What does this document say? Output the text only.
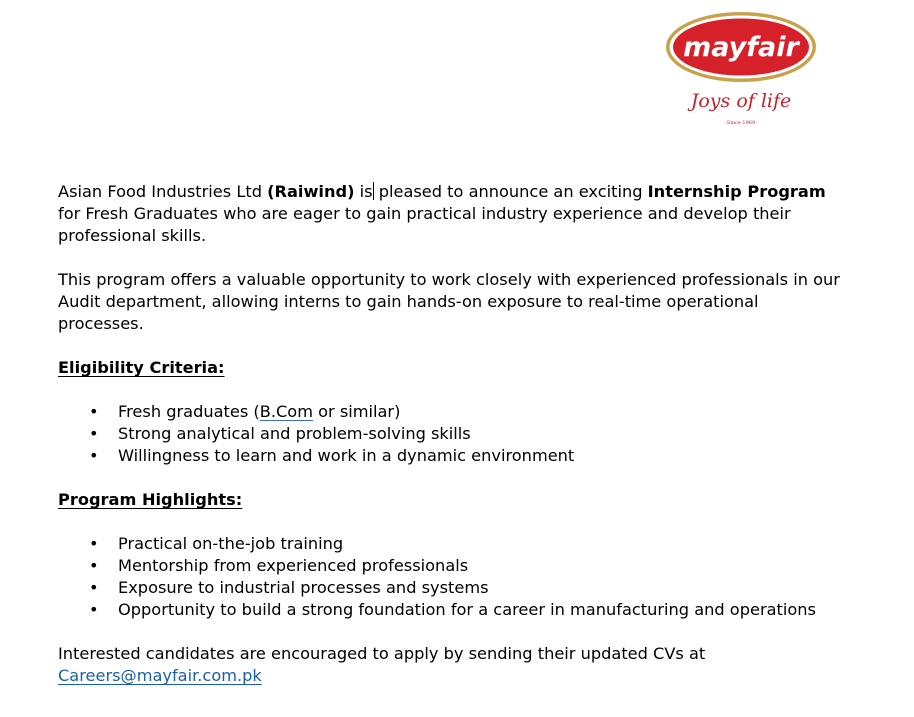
mayfair
Joys of life
Since 1969

Asian Food Industries Ltd (Raiwind) is pleased to announce an exciting Internship Program
for Fresh Graduates who are eager to gain practical industry experience and develop their
professional skills.

This program offers a valuable opportunity to work closely with experienced professionals in our
Audit department, allowing interns to gain hands-on exposure to real-time operational
processes.

Eligibility Criteria:

• Fresh graduates (B.Com or similar)
• Strong analytical and problem-solving skills
• Willingness to learn and work in a dynamic environment

Program Highlights:

• Practical on-the-job training
• Mentorship from experienced professionals
• Exposure to industrial processes and systems
• Opportunity to build a strong foundation for a career in manufacturing and operations

Interested candidates are encouraged to apply by sending their updated CVs at
Careers@mayfair.com.pk
